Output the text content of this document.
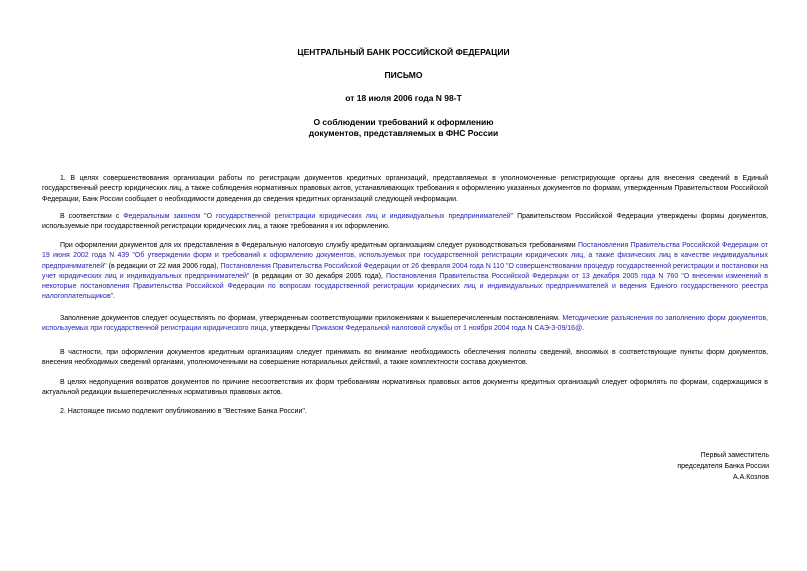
ЦЕНТРАЛЬНЫЙ БАНК РОССИЙСКОЙ ФЕДЕРАЦИИ
ПИСЬМО
от 18 июля 2006 года N 98-Т
О соблюдении требований к оформлению
документов, представляемых в ФНС России

1. В целях совершенствования организации работы по регистрации документов кредитных организаций, представляемых в уполномоченные регистрирующие органы для внесения сведений в Единый государственный реестр юридических лиц, а также соблюдения нормативных правовых актов, устанавливающих требования к оформлению указанных документов по формам, утвержденным Правительством Российской Федерации, Банк России сообщает о необходимости доведения до сведения кредитных организаций следующей информации.

В соответствии с Федеральным законом "О государственной регистрации юридических лиц и индивидуальных предпринимателей" Правительством Российской Федерации утверждены формы документов, используемые при государственной регистрации юридических лиц, а также требования к их оформлению.

При оформлении документов для их представления в Федеральную налоговую службу кредитным организациям следует руководствоваться требованиями Постановления Правительства Российской Федерации от 19 июня 2002 года N 439 "Об утверждении форм и требований к оформлению документов, используемых при государственной регистрации юридических лиц, а также физических лиц в качестве индивидуальных предпринимателей" (в редакции от 22 мая 2006 года), Постановления Правительства Российской Федерации от 26 февраля 2004 года N 110 "О совершенствовании процедур государственной регистрации и постановки на учет юридических лиц и индивидуальных предпринимателей" (в редакции от 30 декабря 2005 года), Постановления Правительства Российской Федерации от 13 декабря 2005 года N 760 "О внесении изменений в некоторые постановления Правительства Российской Федерации по вопросам государственной регистрации юридических лиц и индивидуальных предпринимателей и ведения Единого государственного реестра налогоплательщиков".

Заполнение документов следует осуществлять по формам, утвержденным соответствующими приложениями к вышеперечисленным постановлениям. Методические разъяснения по заполнению форм документов, используемых при государственной регистрации юридического лица, утверждены Приказом Федеральной налоговой службы от 1 ноября 2004 года N САЭ-3-09/16@.

В частности, при оформлении документов кредитным организациям следует принимать во внимание необходимость обеспечения полноты сведений, вносимых в соответствующие пункты форм документов, внесения необходимых сведений органами, уполномоченными на совершение нотариальных действий, а также комплектности состава документов.

В целях недопущения возвратов документов по причине несоответствия их форм требованиям нормативных правовых актов документы кредитных организаций следует оформлять по формам, содержащимся в актуальной редакции вышеперечисленных нормативных правовых актов.

2. Настоящее письмо подлежит опубликованию в "Вестнике Банка России".

Первый заместитель
председателя Банка России
А.А.Козлов
